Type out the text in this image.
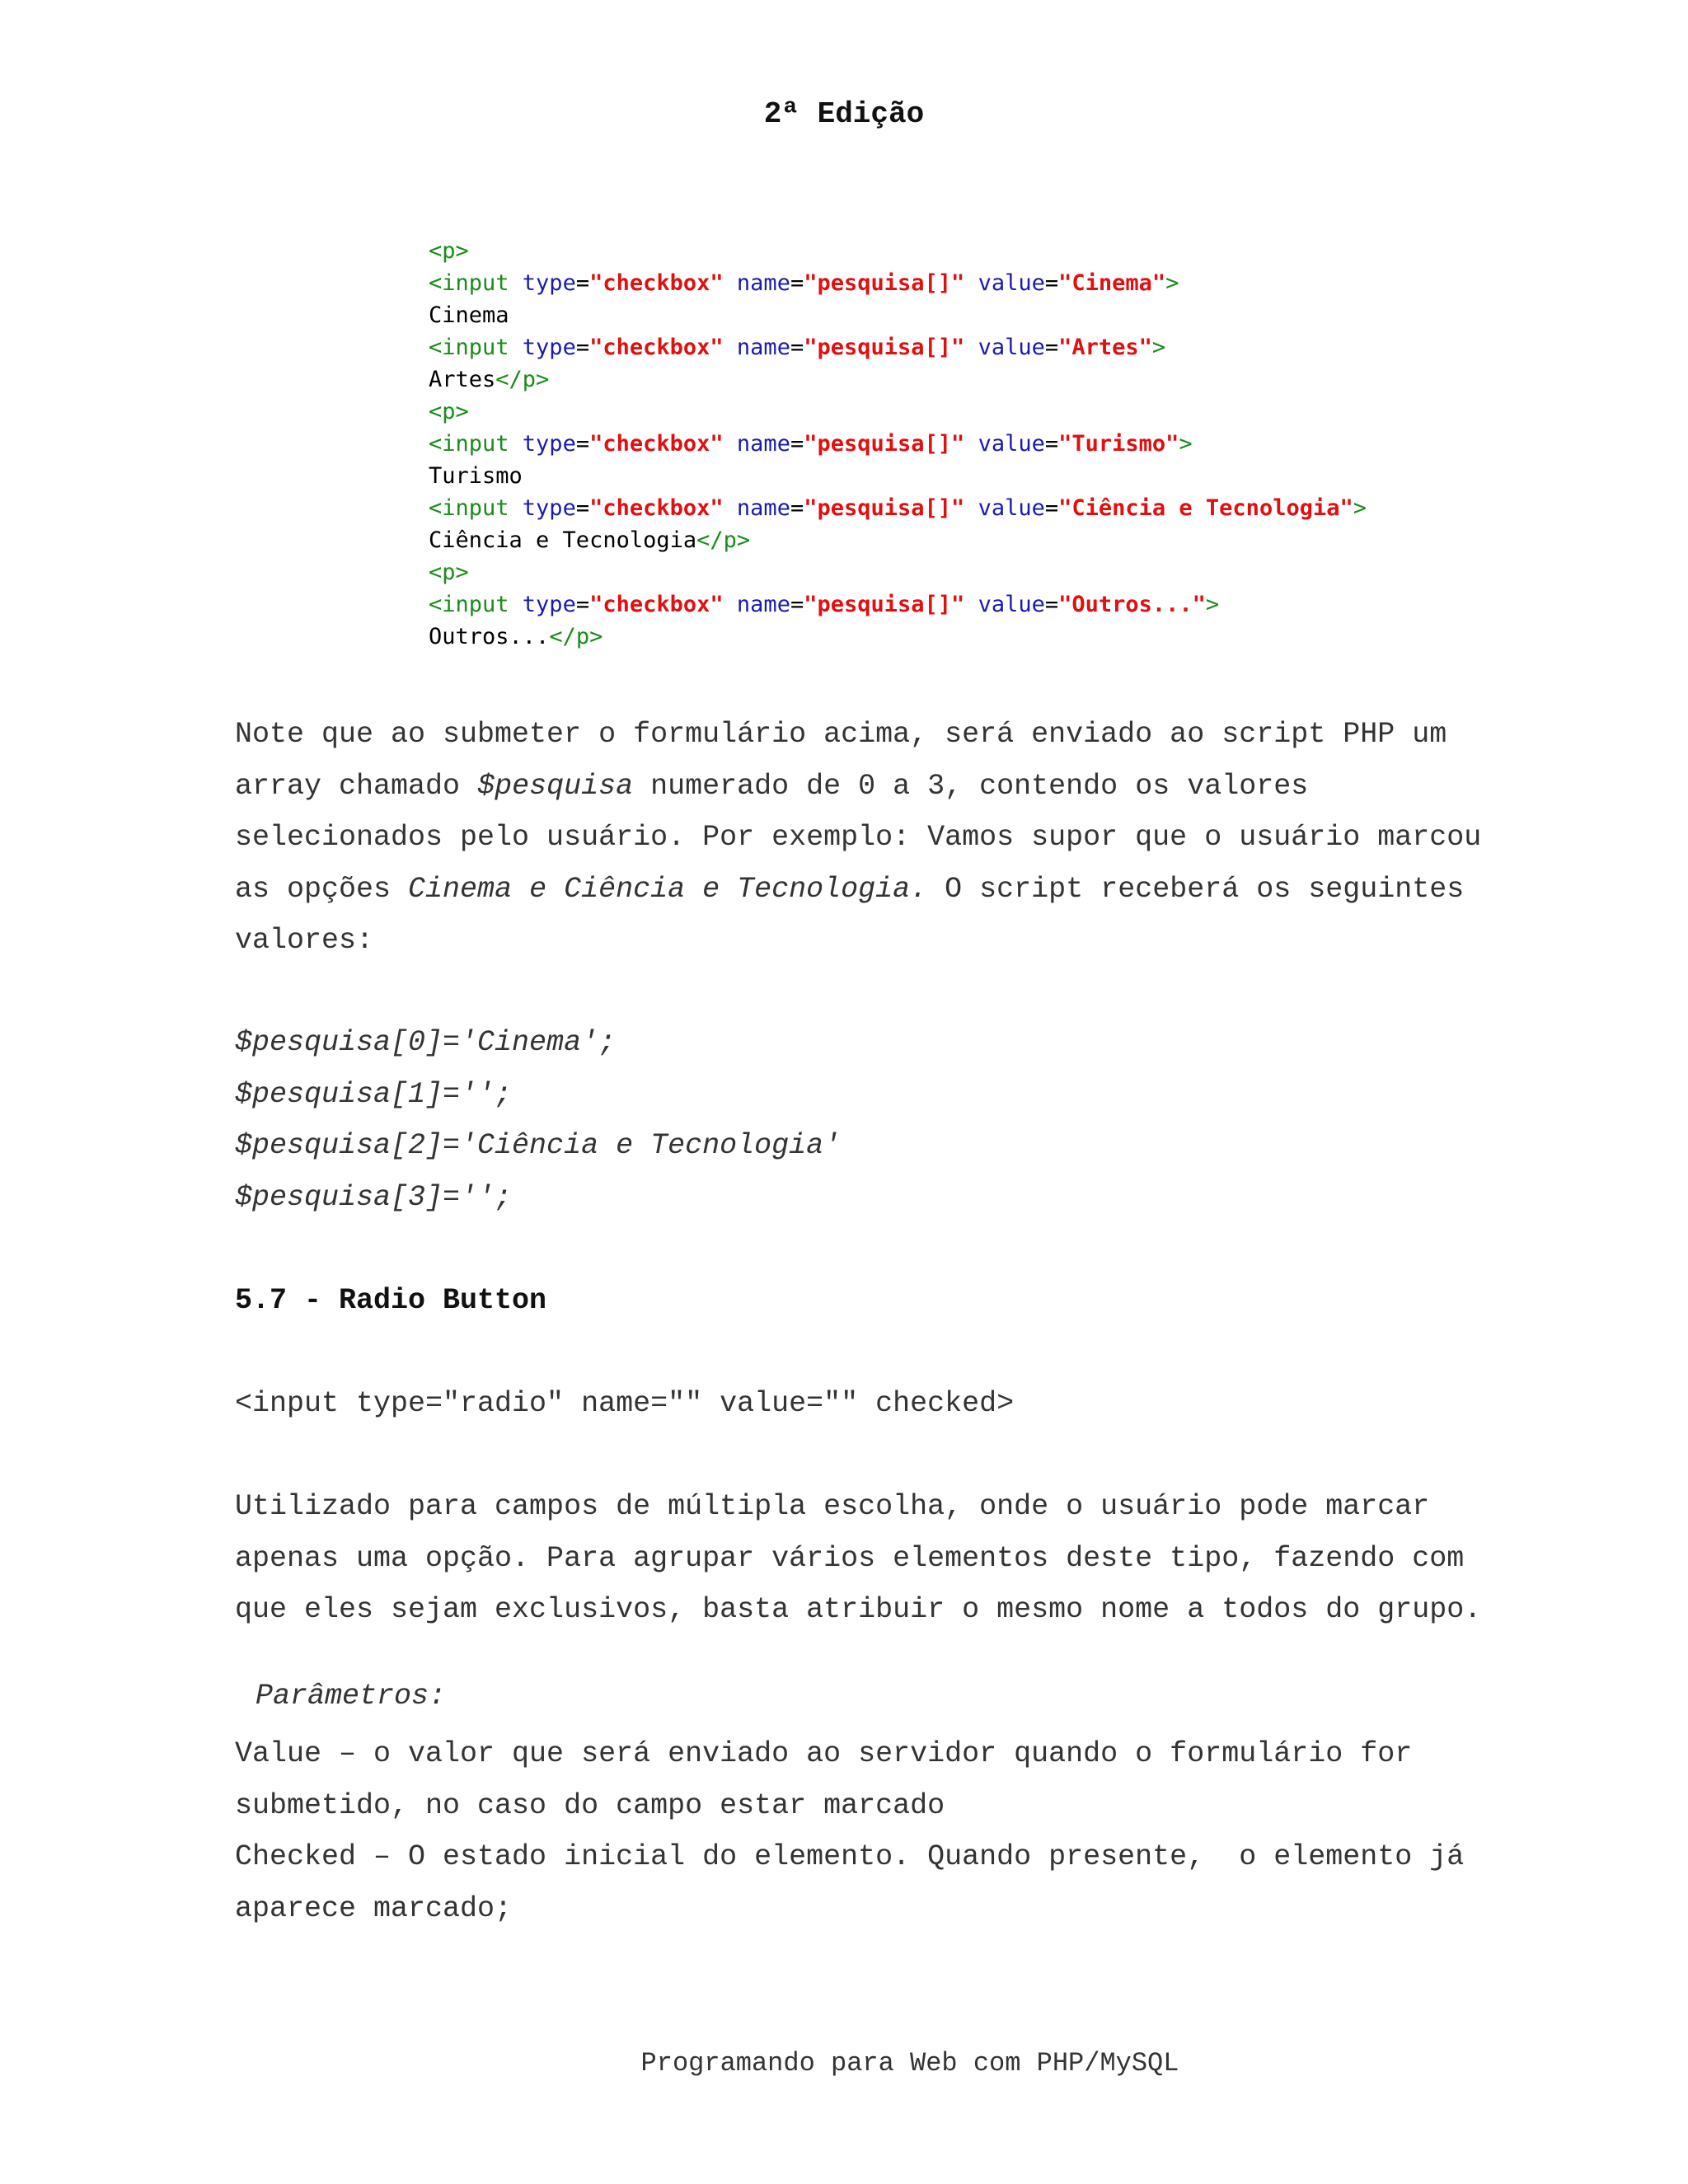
2ª Edição
<p>
<input type="checkbox" name="pesquisa[]" value="Cinema">
Cinema
<input type="checkbox" name="pesquisa[]" value="Artes">
Artes</p>
<p>
<input type="checkbox" name="pesquisa[]" value="Turismo">
Turismo
<input type="checkbox" name="pesquisa[]" value="Ciência e Tecnologia">
Ciência e Tecnologia</p>
<p>
<input type="checkbox" name="pesquisa[]" value="Outros...">
Outros...</p>
Note que ao submeter o formulário acima, será enviado ao script PHP um
array chamado $pesquisa numerado de 0 a 3, contendo os valores
selecionados pelo usuário. Por exemplo: Vamos supor que o usuário marcou
as opções Cinema e Ciência e Tecnologia. O script receberá os seguintes
valores:
$pesquisa[0]='Cinema';
$pesquisa[1]='';
$pesquisa[2]='Ciência e Tecnologia'
$pesquisa[3]='';
5.7 - Radio Button
<input type="radio" name="" value="" checked>
Utilizado para campos de múltipla escolha, onde o usuário pode marcar
apenas uma opção. Para agrupar vários elementos deste tipo, fazendo com
que eles sejam exclusivos, basta atribuir o mesmo nome a todos do grupo.
Parâmetros:
Value – o valor que será enviado ao servidor quando o formulário for
submetido, no caso do campo estar marcado
Checked – O estado inicial do elemento. Quando presente,  o elemento já
aparece marcado;
Programando para Web com PHP/MySQL
